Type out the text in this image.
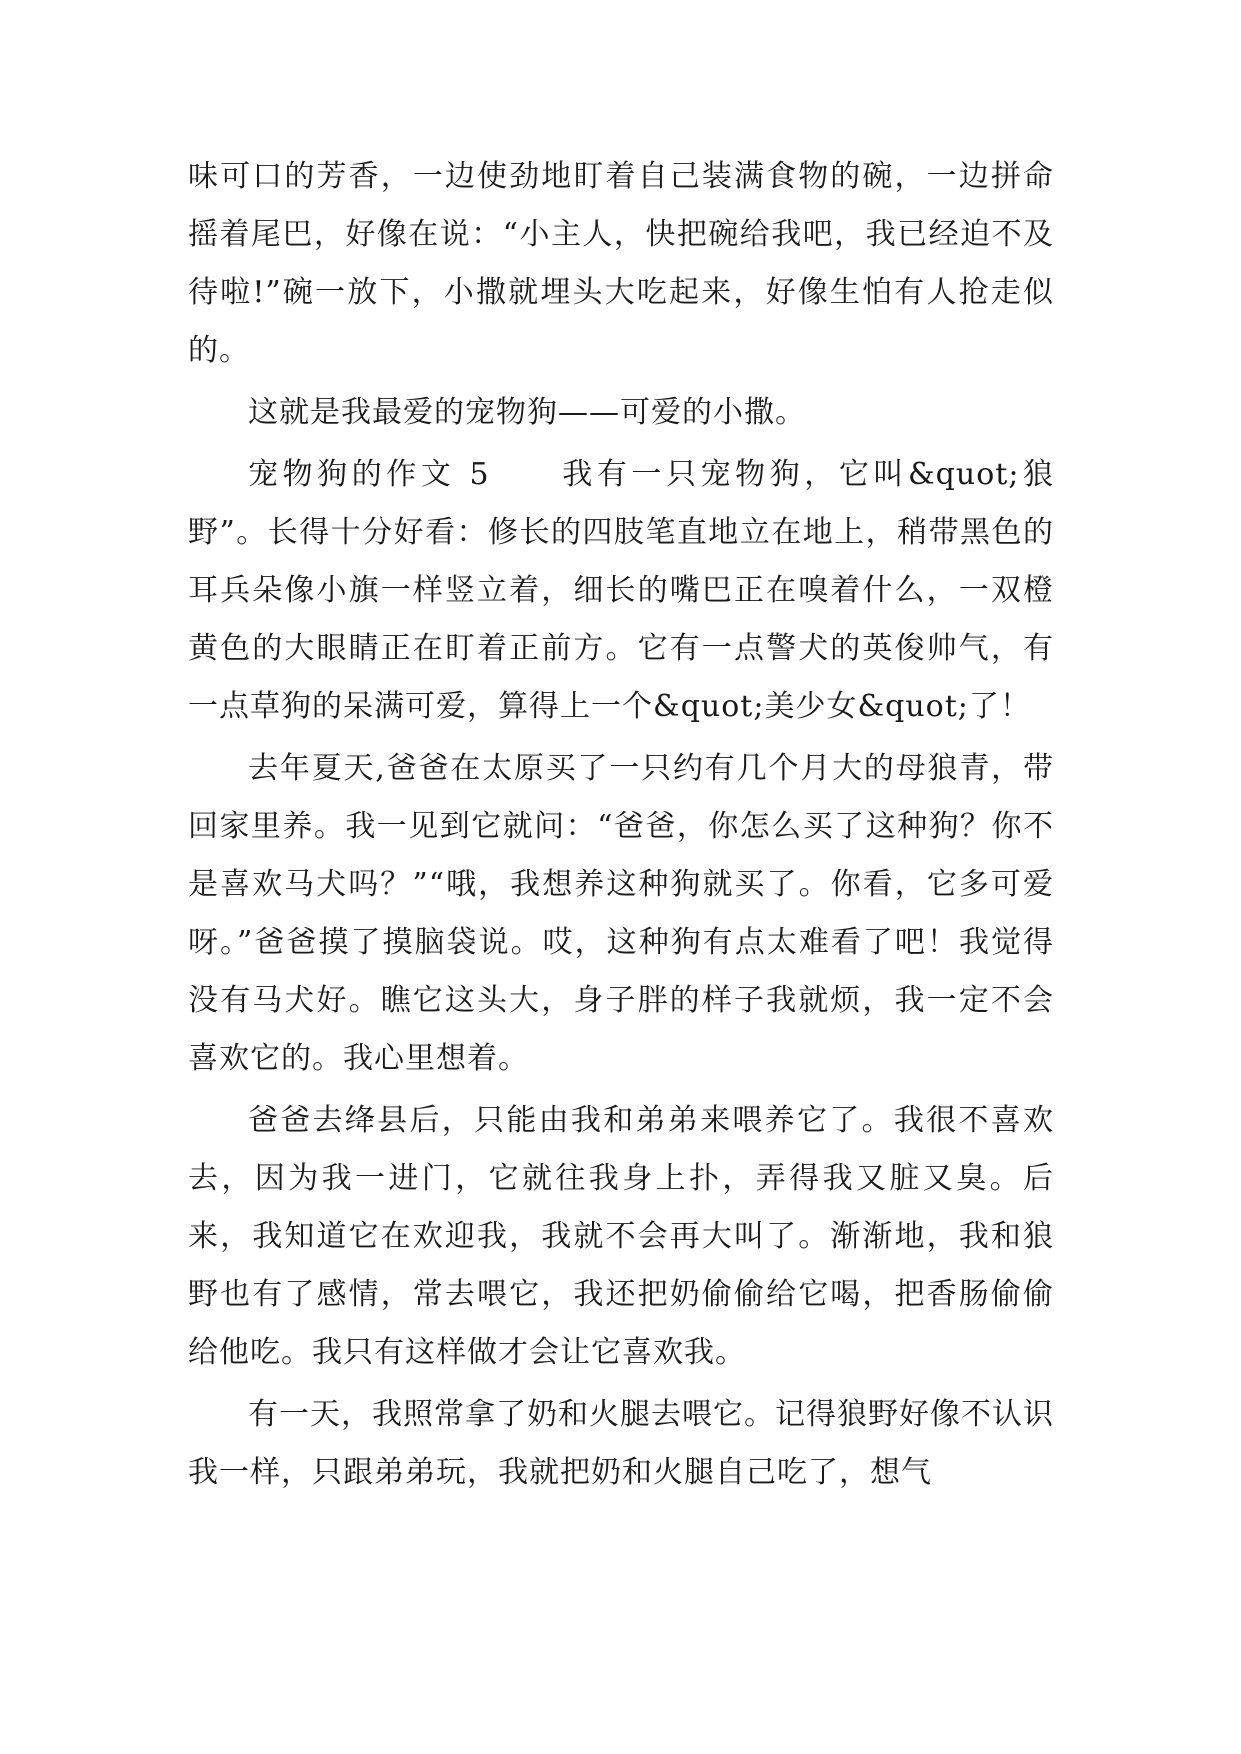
味可口的芳香，一边使劲地盯着自己装满食物的碗，一边拼命摇着尾巴，好像在说：“小主人，快把碗给我吧，我已经迫不及待啦!”碗一放下，小撒就埋头大吃起来，好像生怕有人抢走似的。

这就是我最爱的宠物狗——可爱的小撒。

宠物狗的作文 5　　我有一只宠物狗，它叫&quot;狼野”。长得十分好看：修长的四肢笔直地立在地上，稍带黑色的耳兵朵像小旗一样竖立着，细长的嘴巴正在嗅着什么，一双橙黄色的大眼睛正在盯着正前方。它有一点警犬的英俊帅气，有一点草狗的呆满可爱，算得上一个&quot;美少女&quot;了！

去年夏天,爸爸在太原买了一只约有几个月大的母狼青，带回家里养。我一见到它就问：“爸爸，你怎么买了这种狗？你不是喜欢马犬吗？”“哦，我想养这种狗就买了。你看，它多可爱呀。”爸爸摸了摸脑袋说。哎，这种狗有点太难看了吧！我觉得没有马犬好。瞧它这头大，身子胖的样子我就烦，我一定不会喜欢它的。我心里想着。

爸爸去绛县后，只能由我和弟弟来喂养它了。我很不喜欢去，因为我一进门，它就往我身上扑，弄得我又脏又臭。后来，我知道它在欢迎我，我就不会再大叫了。渐渐地，我和狼野也有了感情，常去喂它，我还把奶偷偷给它喝，把香肠偷偷给他吃。我只有这样做才会让它喜欢我。

有一天，我照常拿了奶和火腿去喂它。记得狼野好像不认识我一样，只跟弟弟玩，我就把奶和火腿自己吃了，想气
